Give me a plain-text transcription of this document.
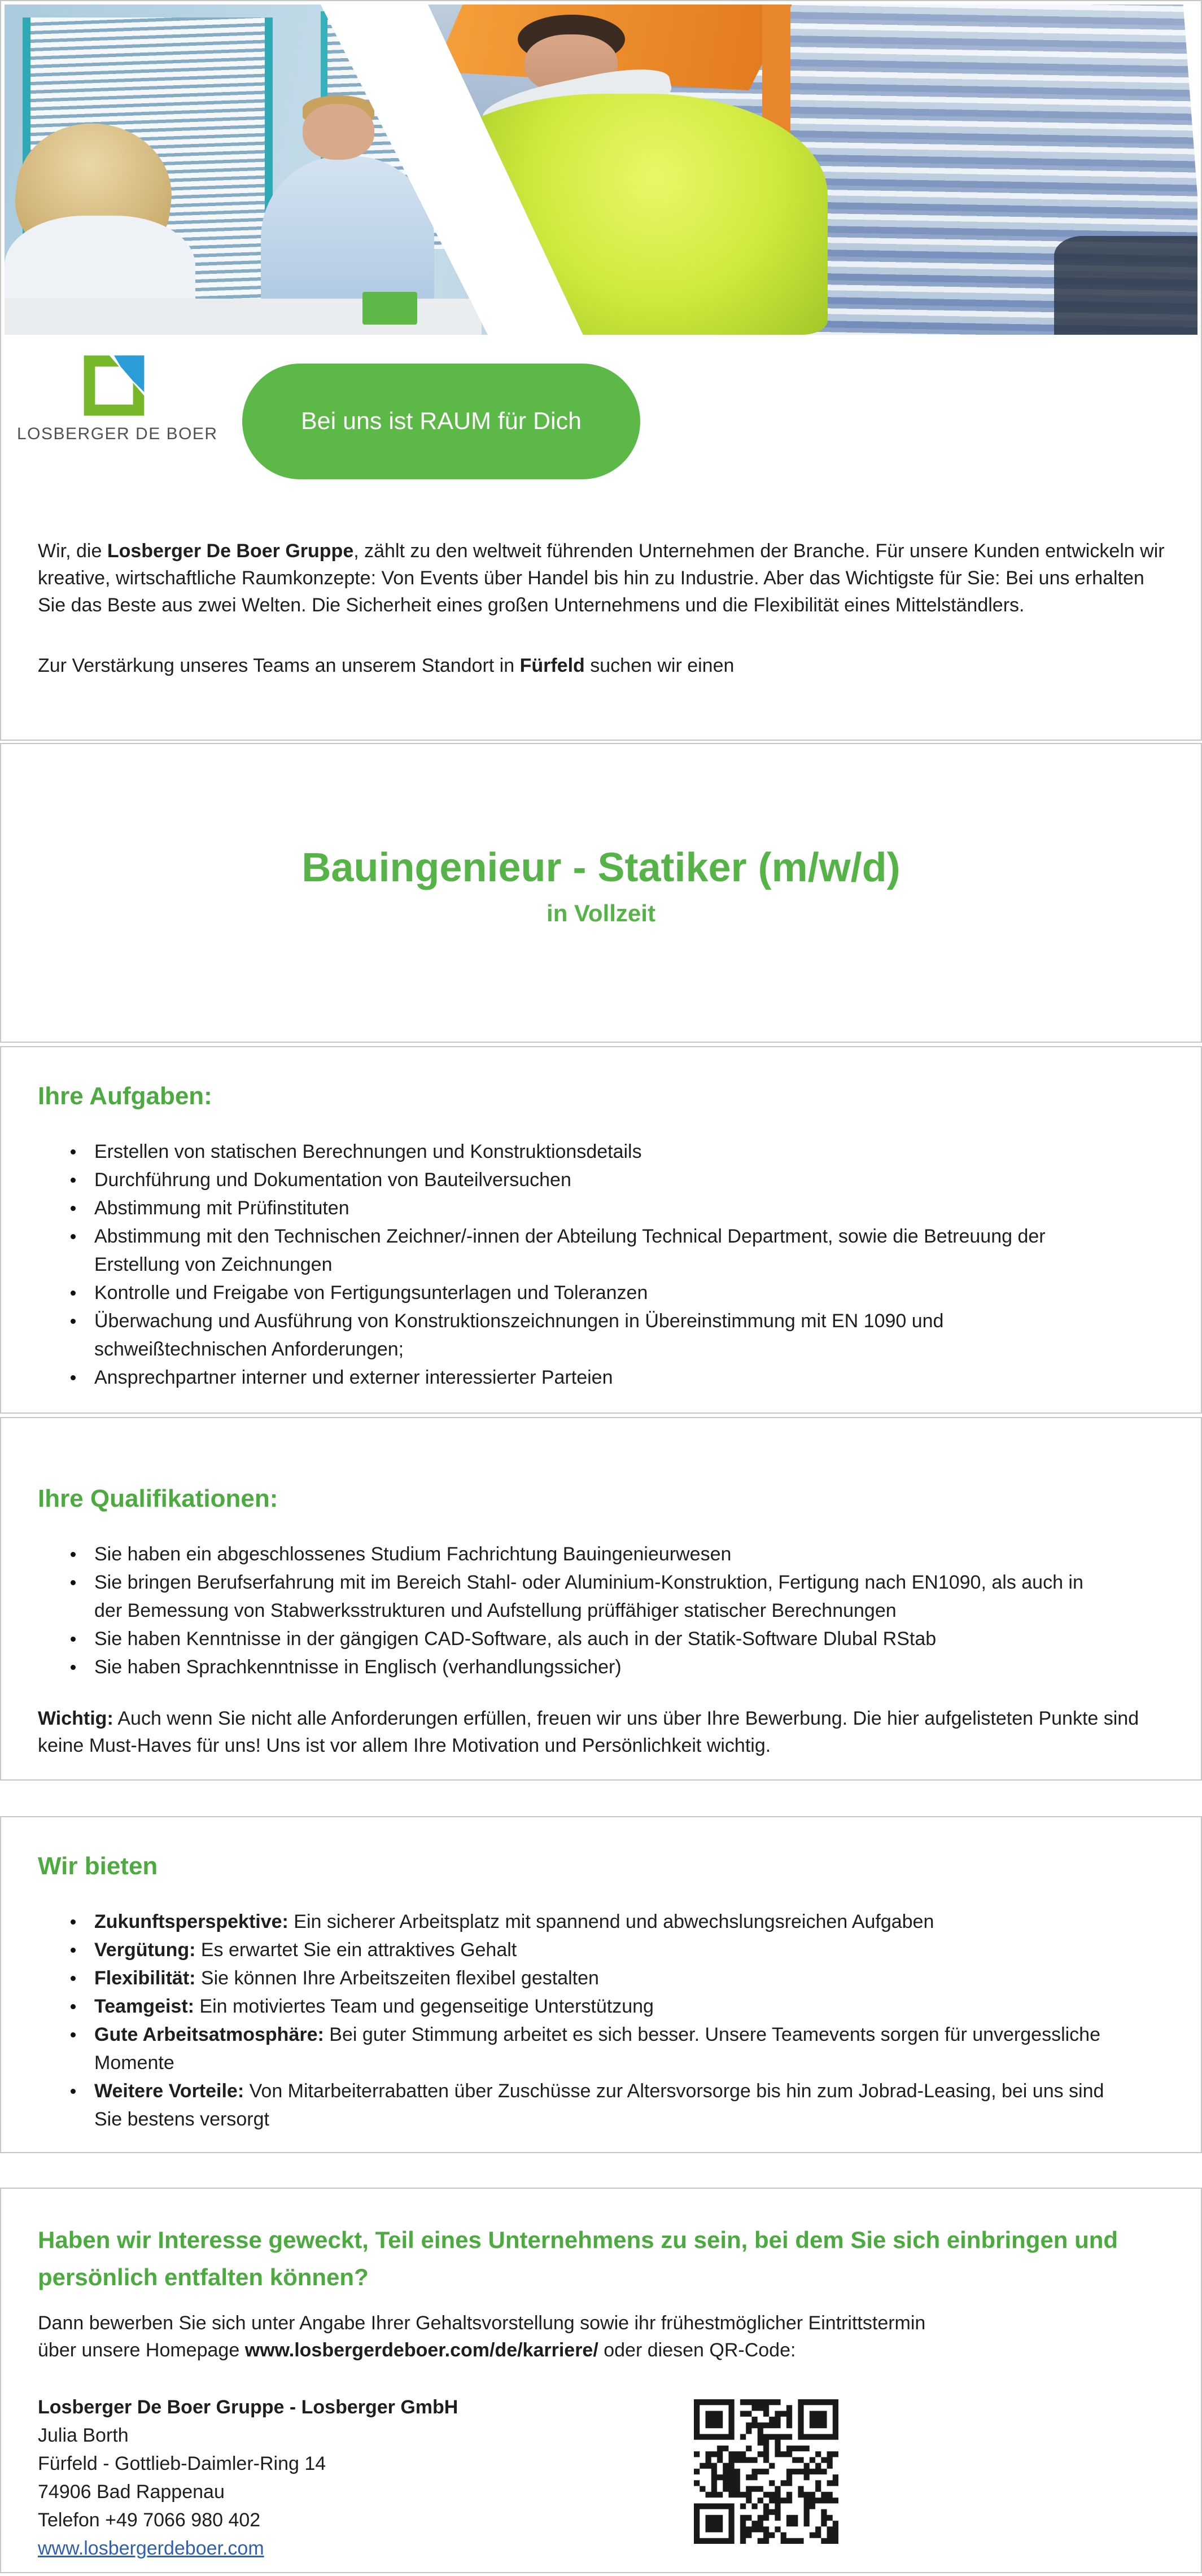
LOSBERGER DE BOER	Bei uns ist RAUM für Dich
Wir, die Losberger De Boer Gruppe, zählt zu den weltweit führenden Unternehmen der Branche. Für unsere Kunden entwickeln wir kreative, wirtschaftliche Raumkonzepte: Von Events über Handel bis hin zu Industrie. Aber das Wichtigste für Sie: Bei uns erhalten Sie das Beste aus zwei Welten. Die Sicherheit eines großen Unternehmens und die Flexibilität eines Mittelständlers.
Zur Verstärkung unseres Teams an unserem Standort in Fürfeld suchen wir einen
Bauingenieur - Statiker (m/w/d)
in Vollzeit
Ihre Aufgaben:
Erstellen von statischen Berechnungen und Konstruktionsdetails
Durchführung und Dokumentation von Bauteilversuchen
Abstimmung mit Prüfinstituten
Abstimmung mit den Technischen Zeichner/-innen der Abteilung Technical Department, sowie die Betreuung der Erstellung von Zeichnungen
Kontrolle und Freigabe von Fertigungsunterlagen und Toleranzen
Überwachung und Ausführung von Konstruktionszeichnungen in Übereinstimmung mit EN 1090 und schweißtechnischen Anforderungen;
Ansprechpartner interner und externer interessierter Parteien
Ihre Qualifikationen:
Sie haben ein abgeschlossenes Studium Fachrichtung Bauingenieurwesen
Sie bringen Berufserfahrung mit im Bereich Stahl- oder Aluminium-Konstruktion, Fertigung nach EN1090, als auch in der Bemessung von Stabwerksstrukturen und Aufstellung prüffähiger statischer Berechnungen
Sie haben Kenntnisse in der gängigen CAD-Software, als auch in der Statik-Software Dlubal RStab
Sie haben Sprachkenntnisse in Englisch (verhandlungssicher)
Wichtig: Auch wenn Sie nicht alle Anforderungen erfüllen, freuen wir uns über Ihre Bewerbung. Die hier aufgelisteten Punkte sind keine Must-Haves für uns! Uns ist vor allem Ihre Motivation und Persönlichkeit wichtig.
Wir bieten
Zukunftsperspektive: Ein sicherer Arbeitsplatz mit spannend und abwechslungsreichen Aufgaben
Vergütung: Es erwartet Sie ein attraktives Gehalt
Flexibilität: Sie können Ihre Arbeitszeiten flexibel gestalten
Teamgeist: Ein motiviertes Team und gegenseitige Unterstützung
Gute Arbeitsatmosphäre: Bei guter Stimmung arbeitet es sich besser. Unsere Teamevents sorgen für unvergessliche Momente
Weitere Vorteile: Von Mitarbeiterrabatten über Zuschüsse zur Altersvorsorge bis hin zum Jobrad-Leasing, bei uns sind Sie bestens versorgt
Haben wir Interesse geweckt, Teil eines Unternehmens zu sein, bei dem Sie sich einbringen und persönlich entfalten können?
Dann bewerben Sie sich unter Angabe Ihrer Gehaltsvorstellung sowie ihr frühestmöglicher Eintrittstermin
über unsere Homepage www.losbergerdeboer.com/de/karriere/ oder diesen QR-Code:
Losberger De Boer Gruppe - Losberger GmbH
Julia Borth
Fürfeld - Gottlieb-Daimler-Ring 14
74906 Bad Rappenau
Telefon +49 7066 980 402
www.losbergerdeboer.com
